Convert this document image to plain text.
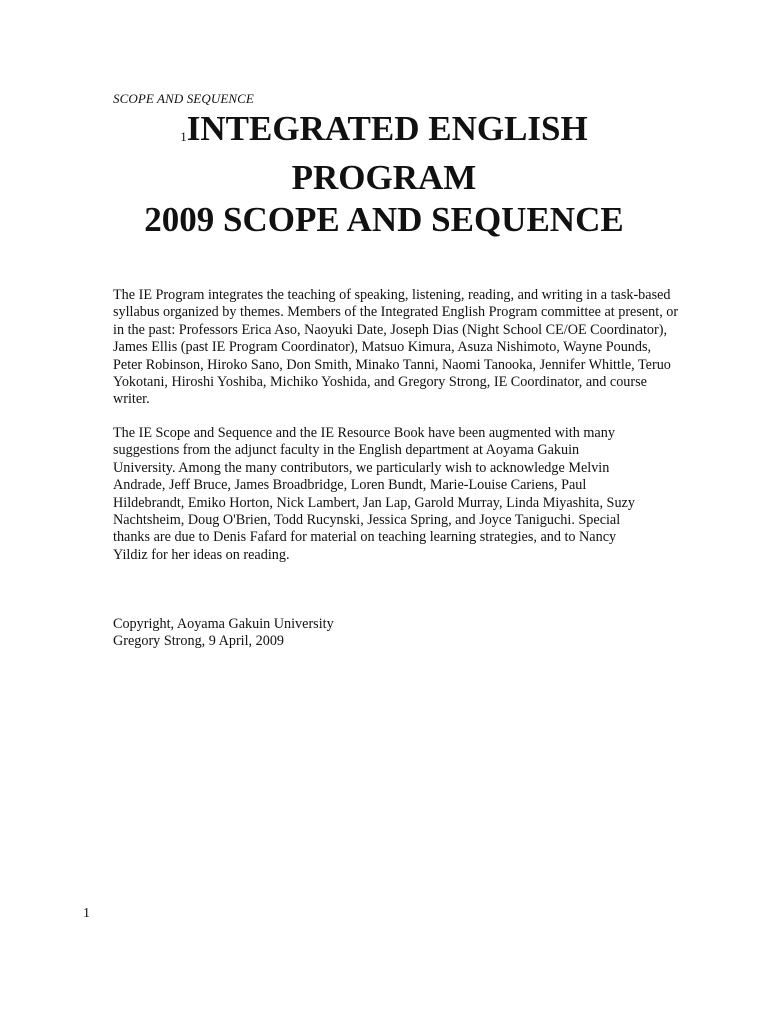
SCOPE AND SEQUENCE
1INTEGRATED ENGLISH
PROGRAM
2009 SCOPE AND SEQUENCE

The IE Program integrates the teaching of speaking, listening, reading, and writing in a task-based
syllabus organized by themes. Members of the Integrated English Program committee at present, or
in the past: Professors Erica Aso, Naoyuki Date, Joseph Dias (Night School CE/OE Coordinator),
James Ellis (past IE Program Coordinator), Matsuo Kimura, Asuza Nishimoto, Wayne Pounds,
Peter Robinson, Hiroko Sano, Don Smith, Minako Tanni, Naomi Tanooka, Jennifer Whittle, Teruo
Yokotani, Hiroshi Yoshiba, Michiko Yoshida, and Gregory Strong, IE Coordinator, and course
writer.

The IE Scope and Sequence and the IE Resource Book have been augmented with many
suggestions from the adjunct faculty in the English department at Aoyama Gakuin
University. Among the many contributors, we particularly wish to acknowledge Melvin
Andrade, Jeff Bruce, James Broadbridge, Loren Bundt, Marie-Louise Cariens, Paul
Hildebrandt, Emiko Horton, Nick Lambert, Jan Lap, Garold Murray, Linda Miyashita, Suzy
Nachtsheim, Doug O'Brien, Todd Rucynski, Jessica Spring, and Joyce Taniguchi. Special
thanks are due to Denis Fafard for material on teaching learning strategies, and to Nancy
Yildiz for her ideas on reading.

Copyright, Aoyama Gakuin University
Gregory Strong, 9 April, 2009
1
